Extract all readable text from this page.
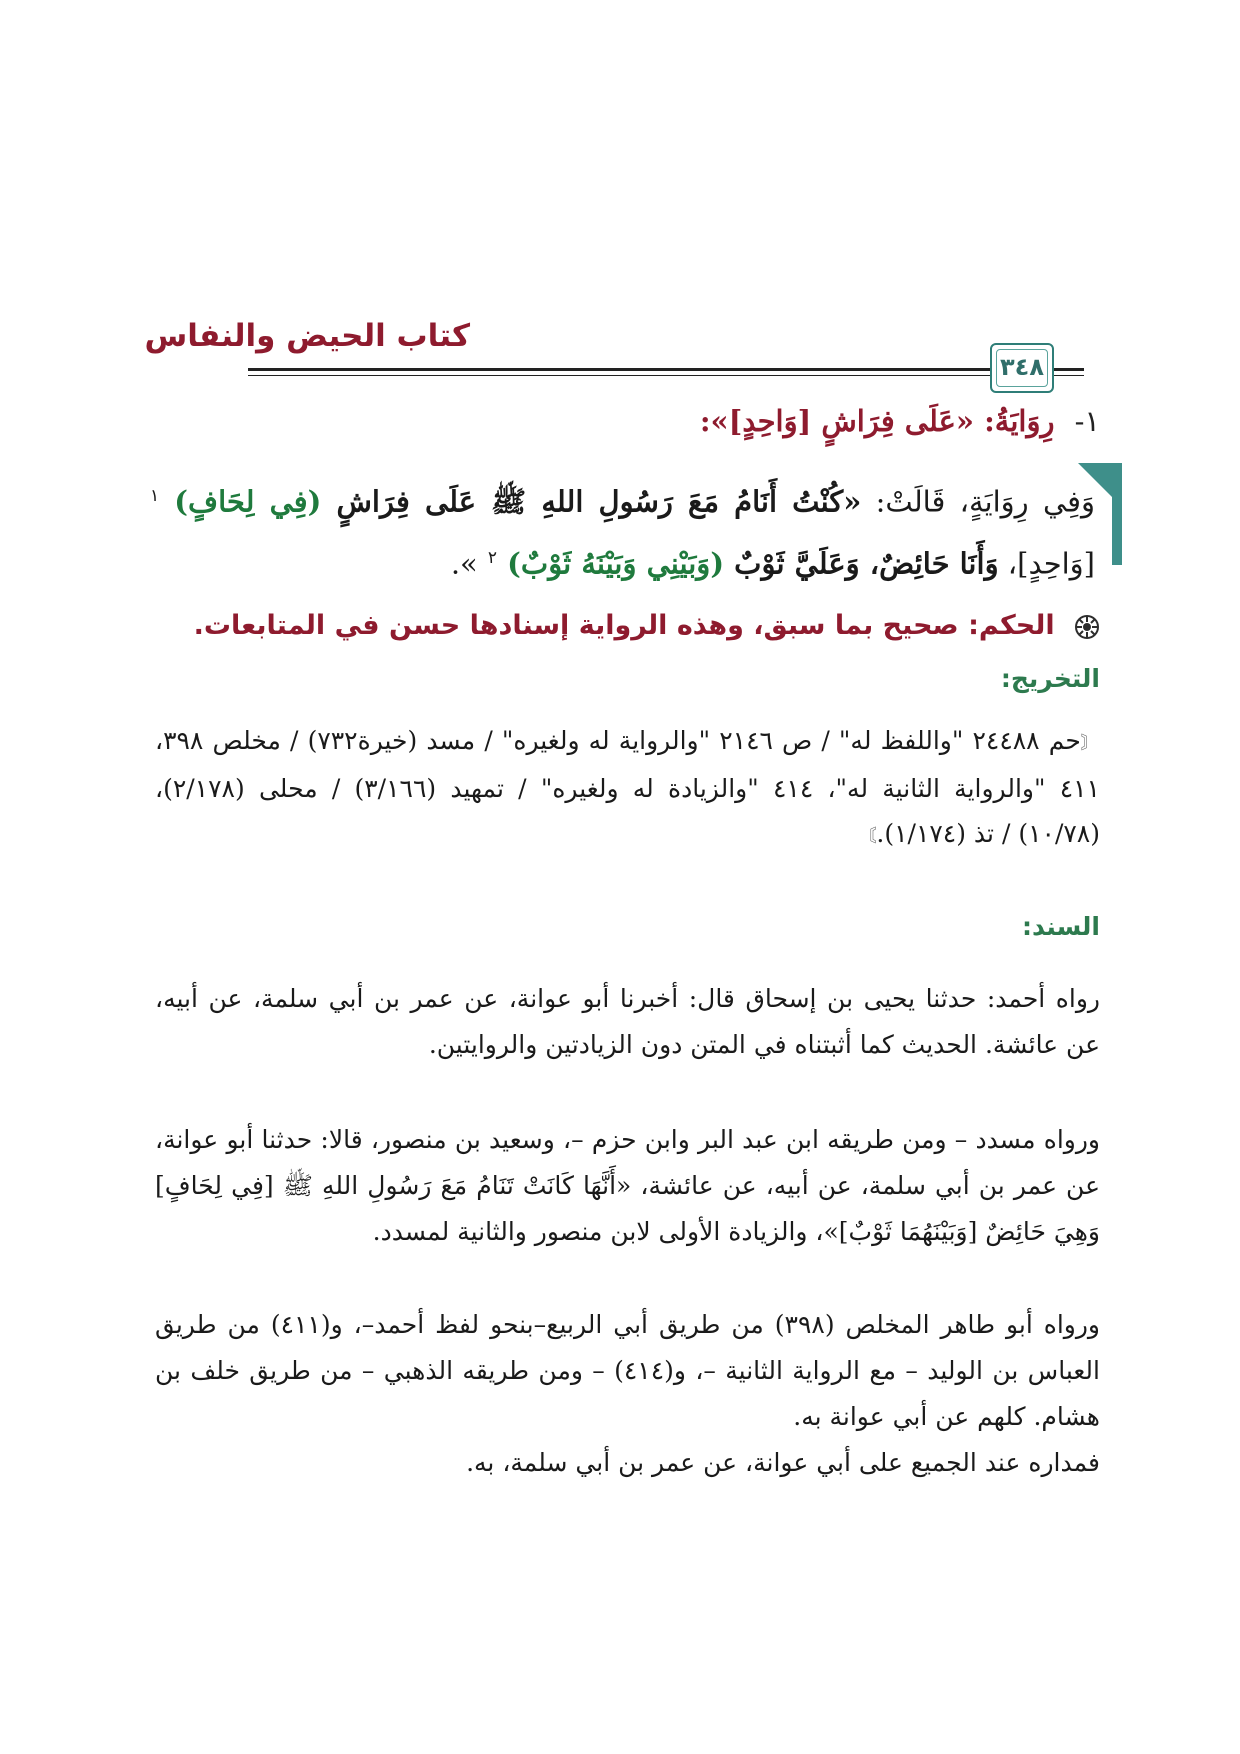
كتاب الحيض والنفاس
٣٤٨
١- رِوَايَةُ: «عَلَى فِرَاشٍ [وَاحِدٍ]»:
وَفِي رِوَايَةٍ، قَالَتْ: «كُنْتُ أَنَامُ مَعَ رَسُولِ اللهِ ﷺ عَلَى فِرَاشٍ (فِي لِحَافٍ) $^١$ [وَاحِدٍ]، وَأَنَا حَائِضٌ، وَعَلَيَّ ثَوْبٌ (وَبَيْنِي وَبَيْنَهُ ثَوْبٌ) $^٢$ ».
الحكم: صحيح بما سبق، وهذه الرواية إسنادها حسن في المتابعات.
التخريج:
〘حم ٢٤٤٨٨ "واللفظ له" / ص ٢١٤٦ "والرواية له ولغيره" / مسد (خيرة٧٣٢) / مخلص ٣٩٨، ٤١١ "والرواية الثانية له"، ٤١٤ "والزيادة له ولغيره" / تمهيد (٣/١٦٦) / محلى (٢/١٧٨)، (١٠/٧٨) / تذ (١/١٧٤).〙
السند:
رواه أحمد: حدثنا يحيى بن إسحاق قال: أخبرنا أبو عوانة، عن عمر بن أبي سلمة، عن أبيه، عن عائشة. الحديث كما أثبتناه في المتن دون الزيادتين والروايتين.
ورواه مسدد – ومن طريقه ابن عبد البر وابن حزم –، وسعيد بن منصور، قالا: حدثنا أبو عوانة، عن عمر بن أبي سلمة، عن أبيه، عن عائشة، «أَنَّهَا كَانَتْ تَنَامُ مَعَ رَسُولِ اللهِ ﷺ [فِي لِحَافٍ] وَهِيَ حَائِضٌ [وَبَيْنَهُمَا ثَوْبٌ]»، والزيادة الأولى لابن منصور والثانية لمسدد.
ورواه أبو طاهر المخلص (٣٩٨) من طريق أبي الربيع–بنحو لفظ أحمد–، و(٤١١) من طريق العباس بن الوليد – مع الرواية الثانية –، و(٤١٤) – ومن طريقه الذهبي – من طريق خلف بن هشام. كلهم عن أبي عوانة به.
فمداره عند الجميع على أبي عوانة، عن عمر بن أبي سلمة، به.
